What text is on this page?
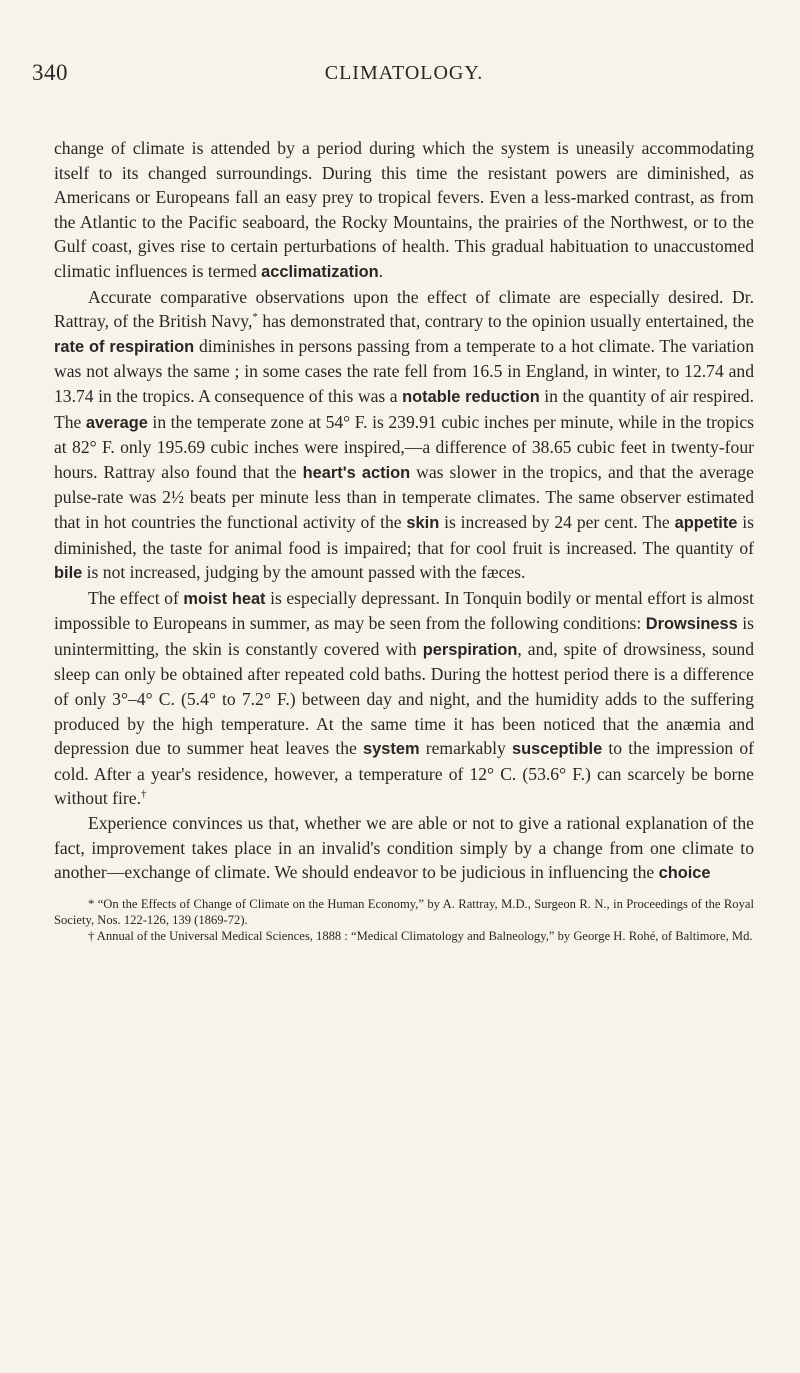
340	CLIMATOLOGY.

change of climate is attended by a period during which the system is uneasily accommodating itself to its changed surroundings. During this time the resistant powers are diminished, as Americans or Europeans fall an easy prey to tropical fevers. Even a less-marked contrast, as from the Atlantic to the Pacific seaboard, the Rocky Mountains, the prairies of the Northwest, or to the Gulf coast, gives rise to certain perturbations of health. This gradual habituation to unaccustomed climatic influences is termed acclimatization.

Accurate comparative observations upon the effect of climate are especially desired. Dr. Rattray, of the British Navy,* has demonstrated that, contrary to the opinion usually entertained, the rate of respiration diminishes in persons passing from a temperate to a hot climate. The variation was not always the same ; in some cases the rate fell from 16.5 in England, in winter, to 12.74 and 13.74 in the tropics. A consequence of this was a notable reduction in the quantity of air respired. The average in the temperate zone at 54° F. is 239.91 cubic inches per minute, while in the tropics at 82° F. only 195.69 cubic inches were inspired,—a difference of 38.65 cubic feet in twenty-four hours. Rattray also found that the heart's action was slower in the tropics, and that the average pulse-rate was 2½ beats per minute less than in temperate climates. The same observer estimated that in hot countries the functional activity of the skin is increased by 24 per cent. The appetite is diminished, the taste for animal food is impaired; that for cool fruit is increased. The quantity of bile is not increased, judging by the amount passed with the fæces.

The effect of moist heat is especially depressant. In Tonquin bodily or mental effort is almost impossible to Europeans in summer, as may be seen from the following conditions: Drowsiness is unintermitting, the skin is constantly covered with perspiration, and, spite of drowsiness, sound sleep can only be obtained after repeated cold baths. During the hottest period there is a difference of only 3°–4° C. (5.4° to 7.2° F.) between day and night, and the humidity adds to the suffering produced by the high temperature. At the same time it has been noticed that the anæmia and depression due to summer heat leaves the system remarkably susceptible to the impression of cold. After a year's residence, however, a temperature of 12° C. (53.6° F.) can scarcely be borne without fire.†

Experience convinces us that, whether we are able or not to give a rational explanation of the fact, improvement takes place in an invalid's condition simply by a change from one climate to another—exchange of climate. We should endeavor to be judicious in influencing the choice

* “On the Effects of Change of Climate on the Human Economy,” by A. Rattray, M.D., Surgeon R. N., in Proceedings of the Royal Society, Nos. 122-126, 139 (1869-72).

† Annual of the Universal Medical Sciences, 1888 : “Medical Climatology and Balneology,” by George H. Rohé, of Baltimore, Md.
